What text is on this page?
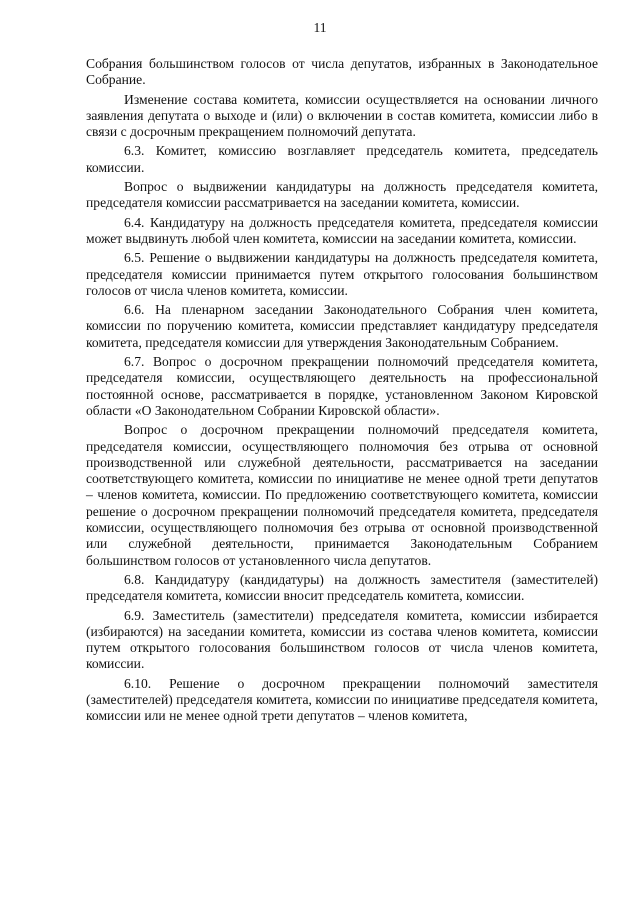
11

Собрания большинством голосов от числа депутатов, избранных в Законодательное Собрание.

Изменение состава комитета, комиссии осуществляется на основании личного заявления депутата о выходе и (или) о включении в состав комитета, комиссии либо в связи с досрочным прекращением полномочий депутата.

6.3. Комитет, комиссию возглавляет председатель комитета, председатель комиссии.

Вопрос о выдвижении кандидатуры на должность председателя комитета, председателя комиссии рассматривается на заседании комитета, комиссии.

6.4. Кандидатуру на должность председателя комитета, председателя комиссии может выдвинуть любой член комитета, комиссии на заседании комитета, комиссии.

6.5. Решение о выдвижении кандидатуры на должность председателя комитета, председателя комиссии принимается путем открытого голосования большинством голосов от числа членов комитета, комиссии.

6.6. На пленарном заседании Законодательного Собрания член комитета, комиссии по поручению комитета, комиссии представляет кандидатуру председателя комитета, председателя комиссии для утверждения Законодательным Собранием.

6.7. Вопрос о досрочном прекращении полномочий председателя комитета, председателя комиссии, осуществляющего деятельность на профессиональной постоянной основе, рассматривается в порядке, установленном Законом Кировской области «О Законодательном Собрании Кировской области».

Вопрос о досрочном прекращении полномочий председателя комитета, председателя комиссии, осуществляющего полномочия без отрыва от основной производственной или служебной деятельности, рассматривается на заседании соответствующего комитета, комиссии по инициативе не менее одной трети депутатов – членов комитета, комиссии. По предложению соответствующего комитета, комиссии решение о досрочном прекращении полномочий председателя комитета, председателя комиссии, осуществляющего полномочия без отрыва от основной производственной или служебной деятельности, принимается Законодательным Собранием большинством голосов от установленного числа депутатов.

6.8. Кандидатуру (кандидатуры) на должность заместителя (заместителей) председателя комитета, комиссии вносит председатель комитета, комиссии.

6.9. Заместитель (заместители) председателя комитета, комиссии избирается (избираются) на заседании комитета, комиссии из состава членов комитета, комиссии путем открытого голосования большинством голосов от числа членов комитета, комиссии.

6.10. Решение о досрочном прекращении полномочий заместителя (заместителей) председателя комитета, комиссии по инициативе председателя комитета, комиссии или не менее одной трети депутатов – членов комитета,
